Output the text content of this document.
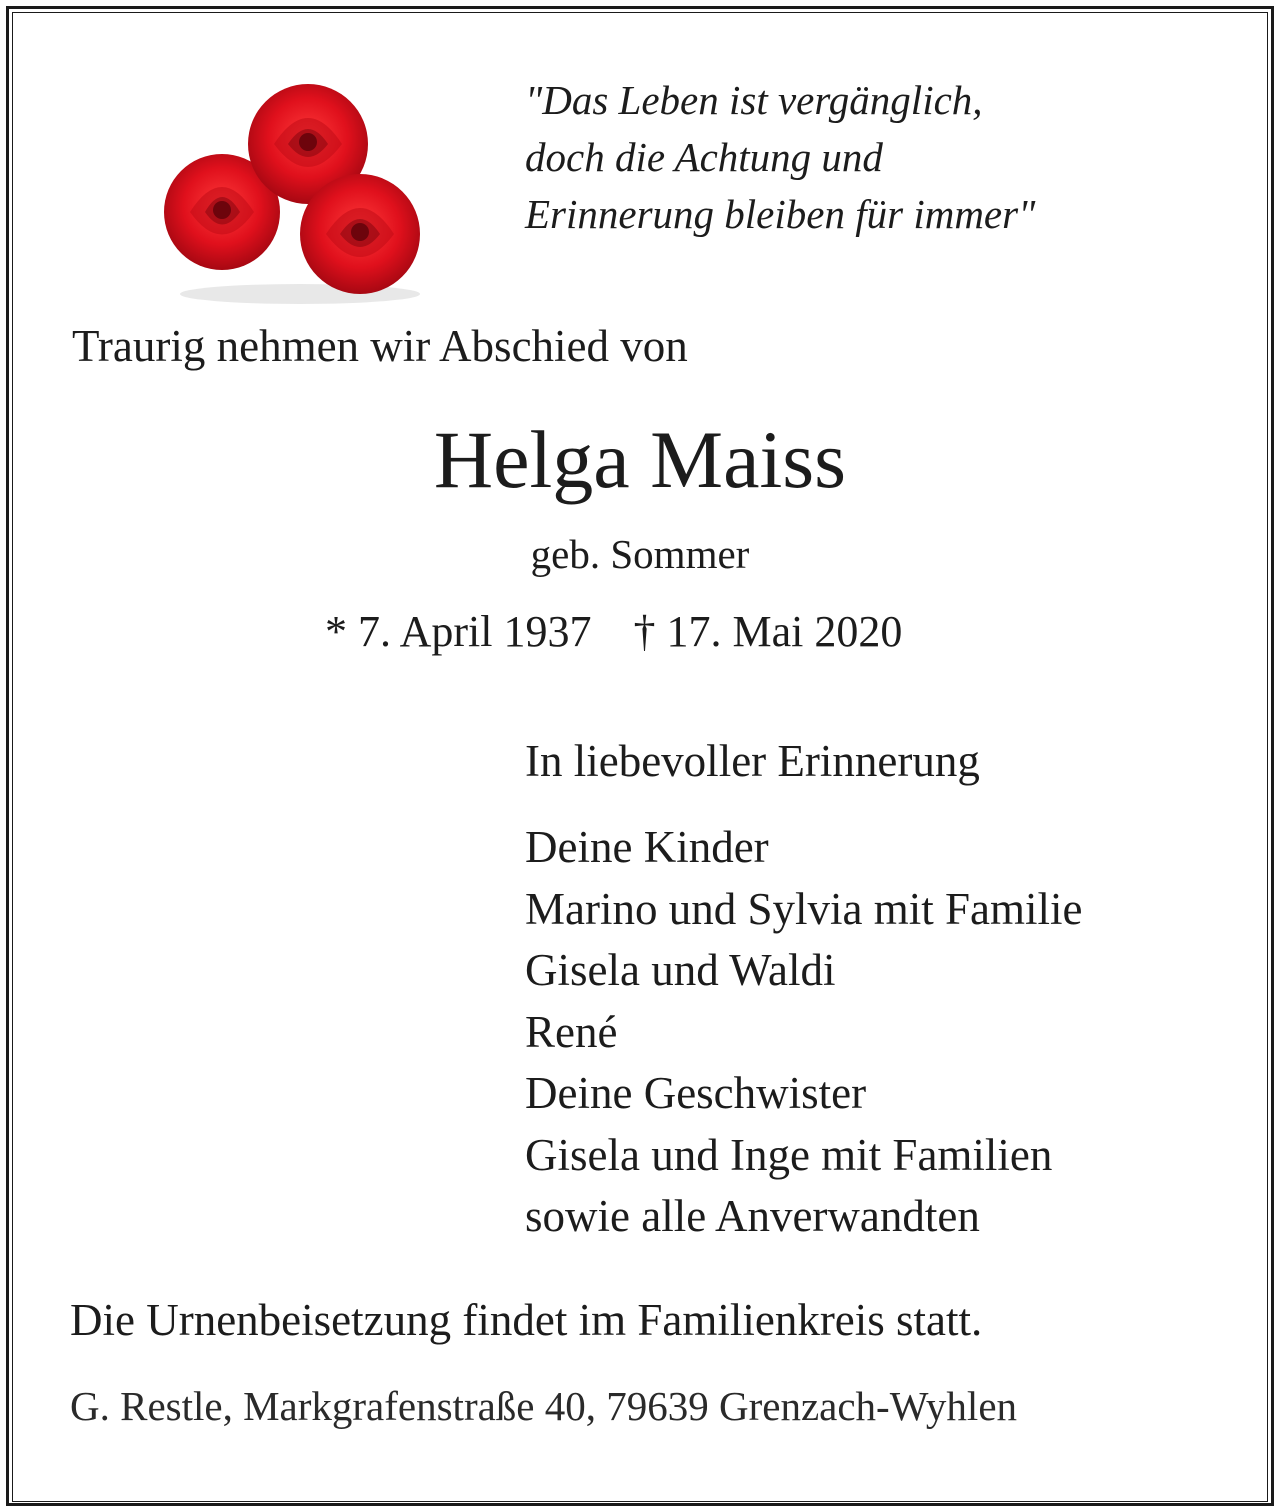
"Das Leben ist vergänglich,
doch die Achtung und
Erinnerung bleiben für immer"
Traurig nehmen wir Abschied von
Helga Maiss
geb. Sommer
* 7. April 1937 † 17. Mai 2020
In liebevoller Erinnerung
Deine Kinder
Marino und Sylvia mit Familie
Gisela und Waldi
René
Deine Geschwister
Gisela und Inge mit Familien
sowie alle Anverwandten
Die Urnenbeisetzung findet im Familienkreis statt.
G. Restle, Markgrafenstraße 40, 79639 Grenzach-Wyhlen
